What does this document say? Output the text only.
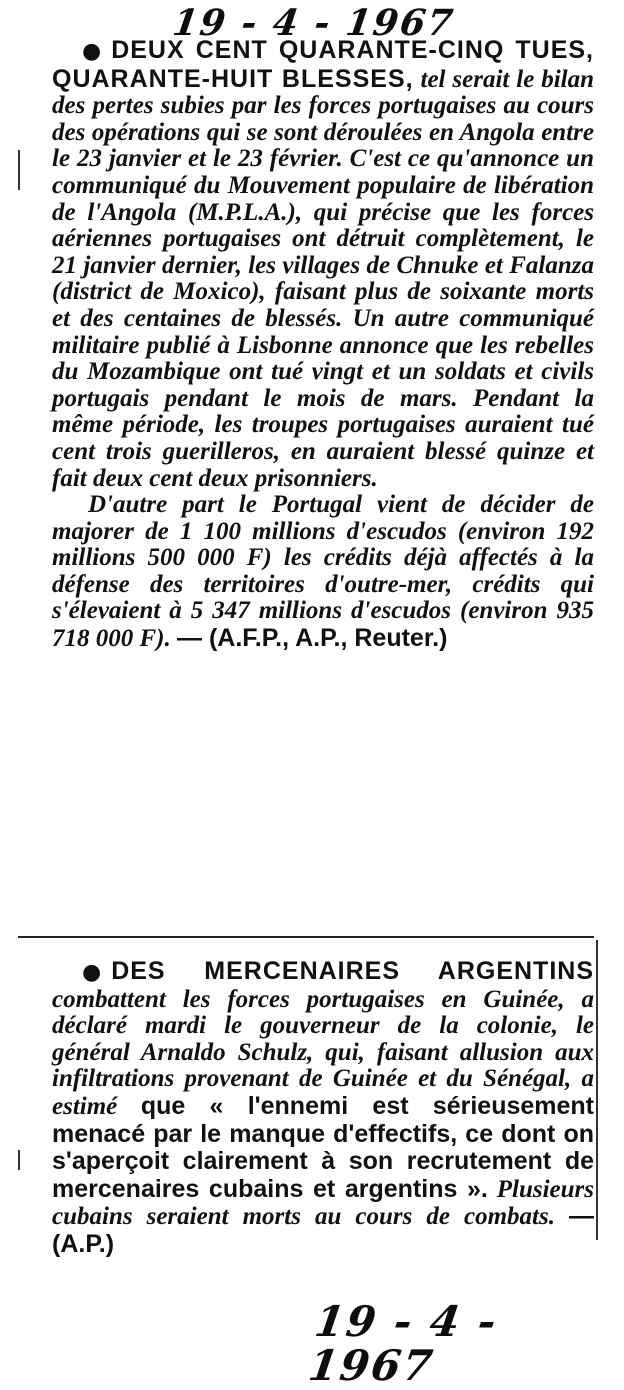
19 - 4 - 1967

● DEUX CENT QUARANTE-CINQ TUES, QUARANTE-HUIT BLESSES, tel serait le bilan des pertes subies par les forces portugaises au cours des opérations qui se sont déroulées en Angola entre le 23 janvier et le 23 février. C'est ce qu'annonce un communiqué du Mouvement populaire de libération de l'Angola (M.P.L.A.), qui précise que les forces aériennes portugaises ont détruit complètement, le 21 janvier dernier, les villages de Chnuke et Falanza (district de Moxico), faisant plus de soixante morts et des centaines de blessés. Un autre communiqué militaire publié à Lisbonne annonce que les rebelles du Mozambique ont tué vingt et un soldats et civils portugais pendant le mois de mars. Pendant la même période, les troupes portugaises auraient tué cent trois guerilleros, en auraient blessé quinze et fait deux cent deux prisonniers.

D'autre part le Portugal vient de décider de majorer de 1 100 millions d'escudos (environ 192 millions 500 000 F) les crédits déjà affectés à la défense des territoires d'outre-mer, crédits qui s'élevaient à 5 347 millions d'escudos (environ 935 718 000 F). — (A.F.P., A.P., Reuter.)

● DES MERCENAIRES ARGENTINS combattent les forces portugaises en Guinée, a déclaré mardi le gouverneur de la colonie, le général Arnaldo Schulz, qui, faisant allusion aux infiltrations provenant de Guinée et du Sénégal, a estimé que « l'ennemi est sérieusement menacé par le manque d'effectifs, ce dont on s'aperçoit clairement à son recrutement de mercenaires cubains et argentins ». Plusieurs cubains seraient morts au cours de combats. — (A.P.)

19 - 4 - 1967
